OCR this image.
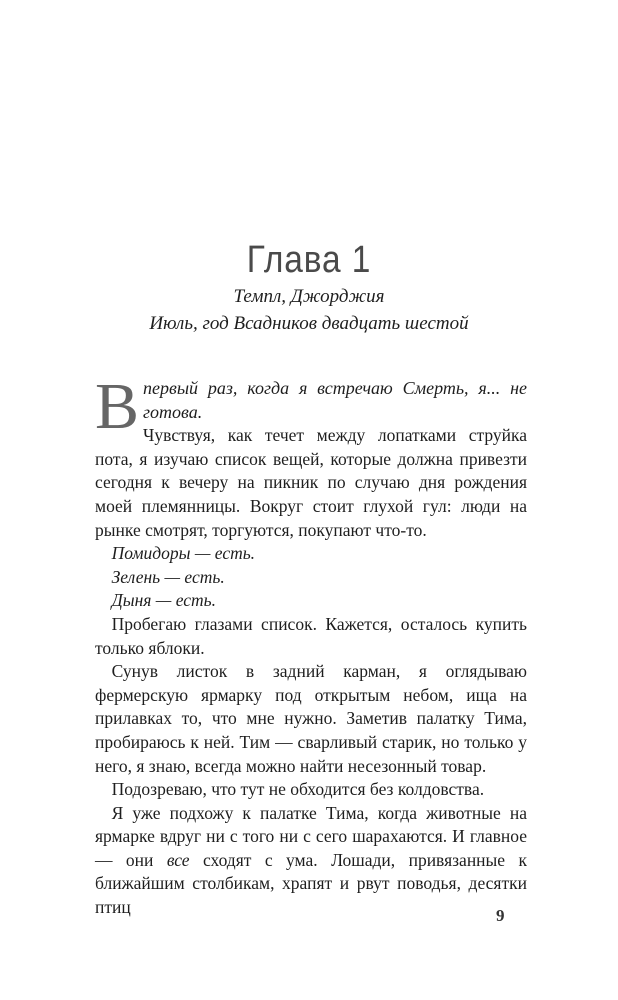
Глава 1
Темпл, Джорджия
Июль, год Всадников двадцать шестой

В первый раз, когда я встречаю Смерть, я... не готова.

Чувствуя, как течет между лопатками струйка пота, я изучаю список вещей, которые должна привезти сегодня к вечеру на пикник по случаю дня рождения моей племянницы. Вокруг стоит глухой гул: люди на рынке смотрят, торгуются, покупают что-то.

Помидоры — есть.

Зелень — есть.

Дыня — есть.

Пробегаю глазами список. Кажется, осталось купить только яблоки.

Сунув листок в задний карман, я оглядываю фермерскую ярмарку под открытым небом, ища на прилавках то, что мне нужно. Заметив палатку Тима, пробираюсь к ней. Тим — сварливый старик, но только у него, я знаю, всегда можно найти несезонный товар.

Подозреваю, что тут не обходится без колдовства.

Я уже подхожу к палатке Тима, когда животные на ярмарке вдруг ни с того ни с сего шарахаются. И главное — они все сходят с ума. Лошади, привязанные к ближайшим столбикам, храпят и рвут поводья, десятки птиц	9
